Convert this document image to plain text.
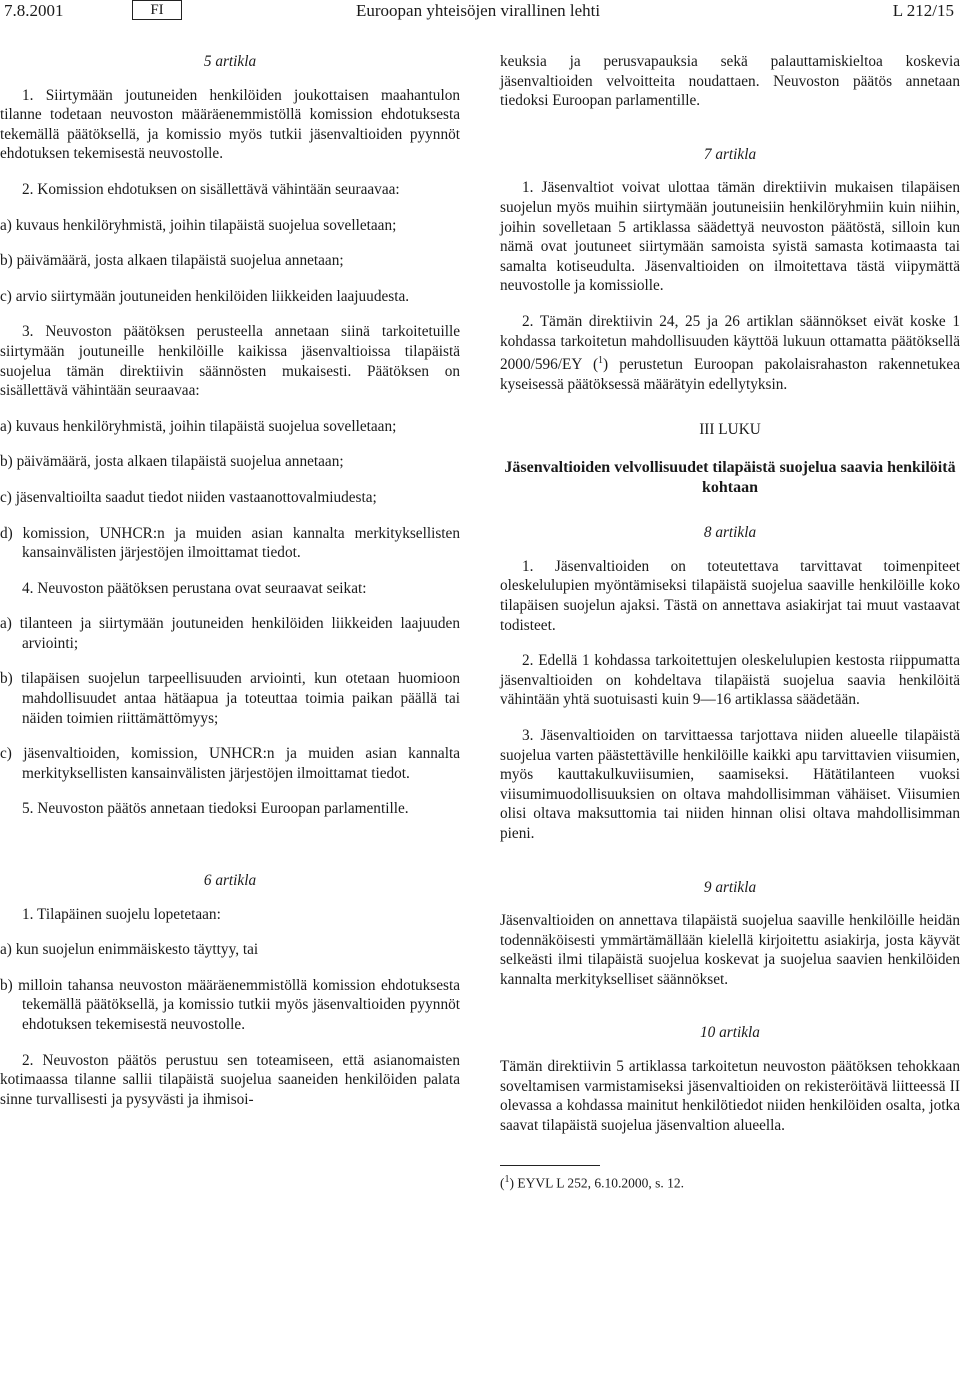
7.8.2001	FI	Euroopan yhteisöjen virallinen lehti	L 212/15
5 artikla

1. Siirtymään joutuneiden henkilöiden joukottaisen maahantulon tilanne todetaan neuvoston määräenemmistöllä komission ehdotuksesta tekemällä päätöksellä, ja komissio myös tutkii jäsenvaltioiden pyynnöt ehdotuksen tekemisestä neuvostolle.

2. Komission ehdotuksen on sisällettävä vähintään seuraavaa:

a) kuvaus henkilöryhmistä, joihin tilapäistä suojelua sovelletaan;

b) päivämäärä, josta alkaen tilapäistä suojelua annetaan;

c) arvio siirtymään joutuneiden henkilöiden liikkeiden laajuudesta.

3. Neuvoston päätöksen perusteella annetaan siinä tarkoitetuille siirtymään joutuneille henkilöille kaikissa jäsenvaltioissa tilapäistä suojelua tämän direktiivin säännösten mukaisesti. Päätöksen on sisällettävä vähintään seuraavaa:

a) kuvaus henkilöryhmistä, joihin tilapäistä suojelua sovelletaan;

b) päivämäärä, josta alkaen tilapäistä suojelua annetaan;

c) jäsenvaltioilta saadut tiedot niiden vastaanottovalmiudesta;

d) komission, UNHCR:n ja muiden asian kannalta merkityksellisten kansainvälisten järjestöjen ilmoittamat tiedot.

4. Neuvoston päätöksen perustana ovat seuraavat seikat:

a) tilanteen ja siirtymään joutuneiden henkilöiden liikkeiden laajuuden arviointi;

b) tilapäisen suojelun tarpeellisuuden arviointi, kun otetaan huomioon mahdollisuudet antaa hätäapua ja toteuttaa toimia paikan päällä tai näiden toimien riittämättömyys;

c) jäsenvaltioiden, komission, UNHCR:n ja muiden asian kannalta merkityksellisten kansainvälisten järjestöjen ilmoittamat tiedot.

5. Neuvoston päätös annetaan tiedoksi Euroopan parlamentille.

6 artikla

1. Tilapäinen suojelu lopetetaan:

a) kun suojelun enimmäiskesto täyttyy, tai

b) milloin tahansa neuvoston määräenemmistöllä komission ehdotuksesta tekemällä päätöksellä, ja komissio tutkii myös jäsenvaltioiden pyynnöt ehdotuksen tekemisestä neuvostolle.

2. Neuvoston päätös perustuu sen toteamiseen, että asianomaisten kotimaassa tilanne sallii tilapäistä suojelua saaneiden henkilöiden palata sinne turvallisesti ja pysyvästi ja ihmisoi-

keuksia ja perusvapauksia sekä palauttamiskieltoa koskevia jäsenvaltioiden velvoitteita noudattaen. Neuvoston päätös annetaan tiedoksi Euroopan parlamentille.

7 artikla

1. Jäsenvaltiot voivat ulottaa tämän direktiivin mukaisen tilapäisen suojelun myös muihin siirtymään joutuneisiin henkilöryhmiin kuin niihin, joihin sovelletaan 5 artiklassa säädettyä neuvoston päätöstä, silloin kun nämä ovat joutuneet siirtymään samoista syistä samasta kotimaasta tai samalta kotiseudulta. Jäsenvaltioiden on ilmoitettava tästä viipymättä neuvostolle ja komissiolle.

2. Tämän direktiivin 24, 25 ja 26 artiklan säännökset eivät koske 1 kohdassa tarkoitetun mahdollisuuden käyttöä lukuun ottamatta päätöksellä 2000/596/EY ($^1$) perustetun Euroopan pakolaisrahaston rakennetukea kyseisessä päätöksessä määrätyin edellytyksin.

III LUKU
Jäsenvaltioiden velvollisuudet tilapäistä suojelua saavia henkilöitä kohtaan
8 artikla

1. Jäsenvaltioiden on toteutettava tarvittavat toimenpiteet oleskelulupien myöntämiseksi tilapäistä suojelua saaville henkilöille koko tilapäisen suojelun ajaksi. Tästä on annettava asiakirjat tai muut vastaavat todisteet.

2. Edellä 1 kohdassa tarkoitettujen oleskelulupien kestosta riippumatta jäsenvaltioiden on kohdeltava tilapäistä suojelua saavia henkilöitä vähintään yhtä suotuisasti kuin 9—16 artiklassa säädetään.

3. Jäsenvaltioiden on tarvittaessa tarjottava niiden alueelle tilapäistä suojelua varten päästettäville henkilöille kaikki apu tarvittavien viisumien, myös kauttakulkuviisumien, saamiseksi. Hätätilanteen vuoksi viisumimuodollisuuksien on oltava mahdollisimman vähäiset. Viisumien olisi oltava maksuttomia tai niiden hinnan olisi oltava mahdollisimman pieni.

9 artikla

Jäsenvaltioiden on annettava tilapäistä suojelua saaville henkilöille heidän todennäköisesti ymmärtämällään kielellä kirjoitettu asiakirja, josta käyvät selkeästi ilmi tilapäistä suojelua koskevat ja suojelua saavien henkilöiden kannalta merkitykselliset säännökset.

10 artikla

Tämän direktiivin 5 artiklassa tarkoitetun neuvoston päätöksen tehokkaan soveltamisen varmistamiseksi jäsenvaltioiden on rekisteröitävä liitteessä II olevassa a kohdassa mainitut henkilötiedot niiden henkilöiden osalta, jotka saavat tilapäistä suojelua jäsenvaltion alueella.

($^1$) EYVL L 252, 6.10.2000, s. 12.
